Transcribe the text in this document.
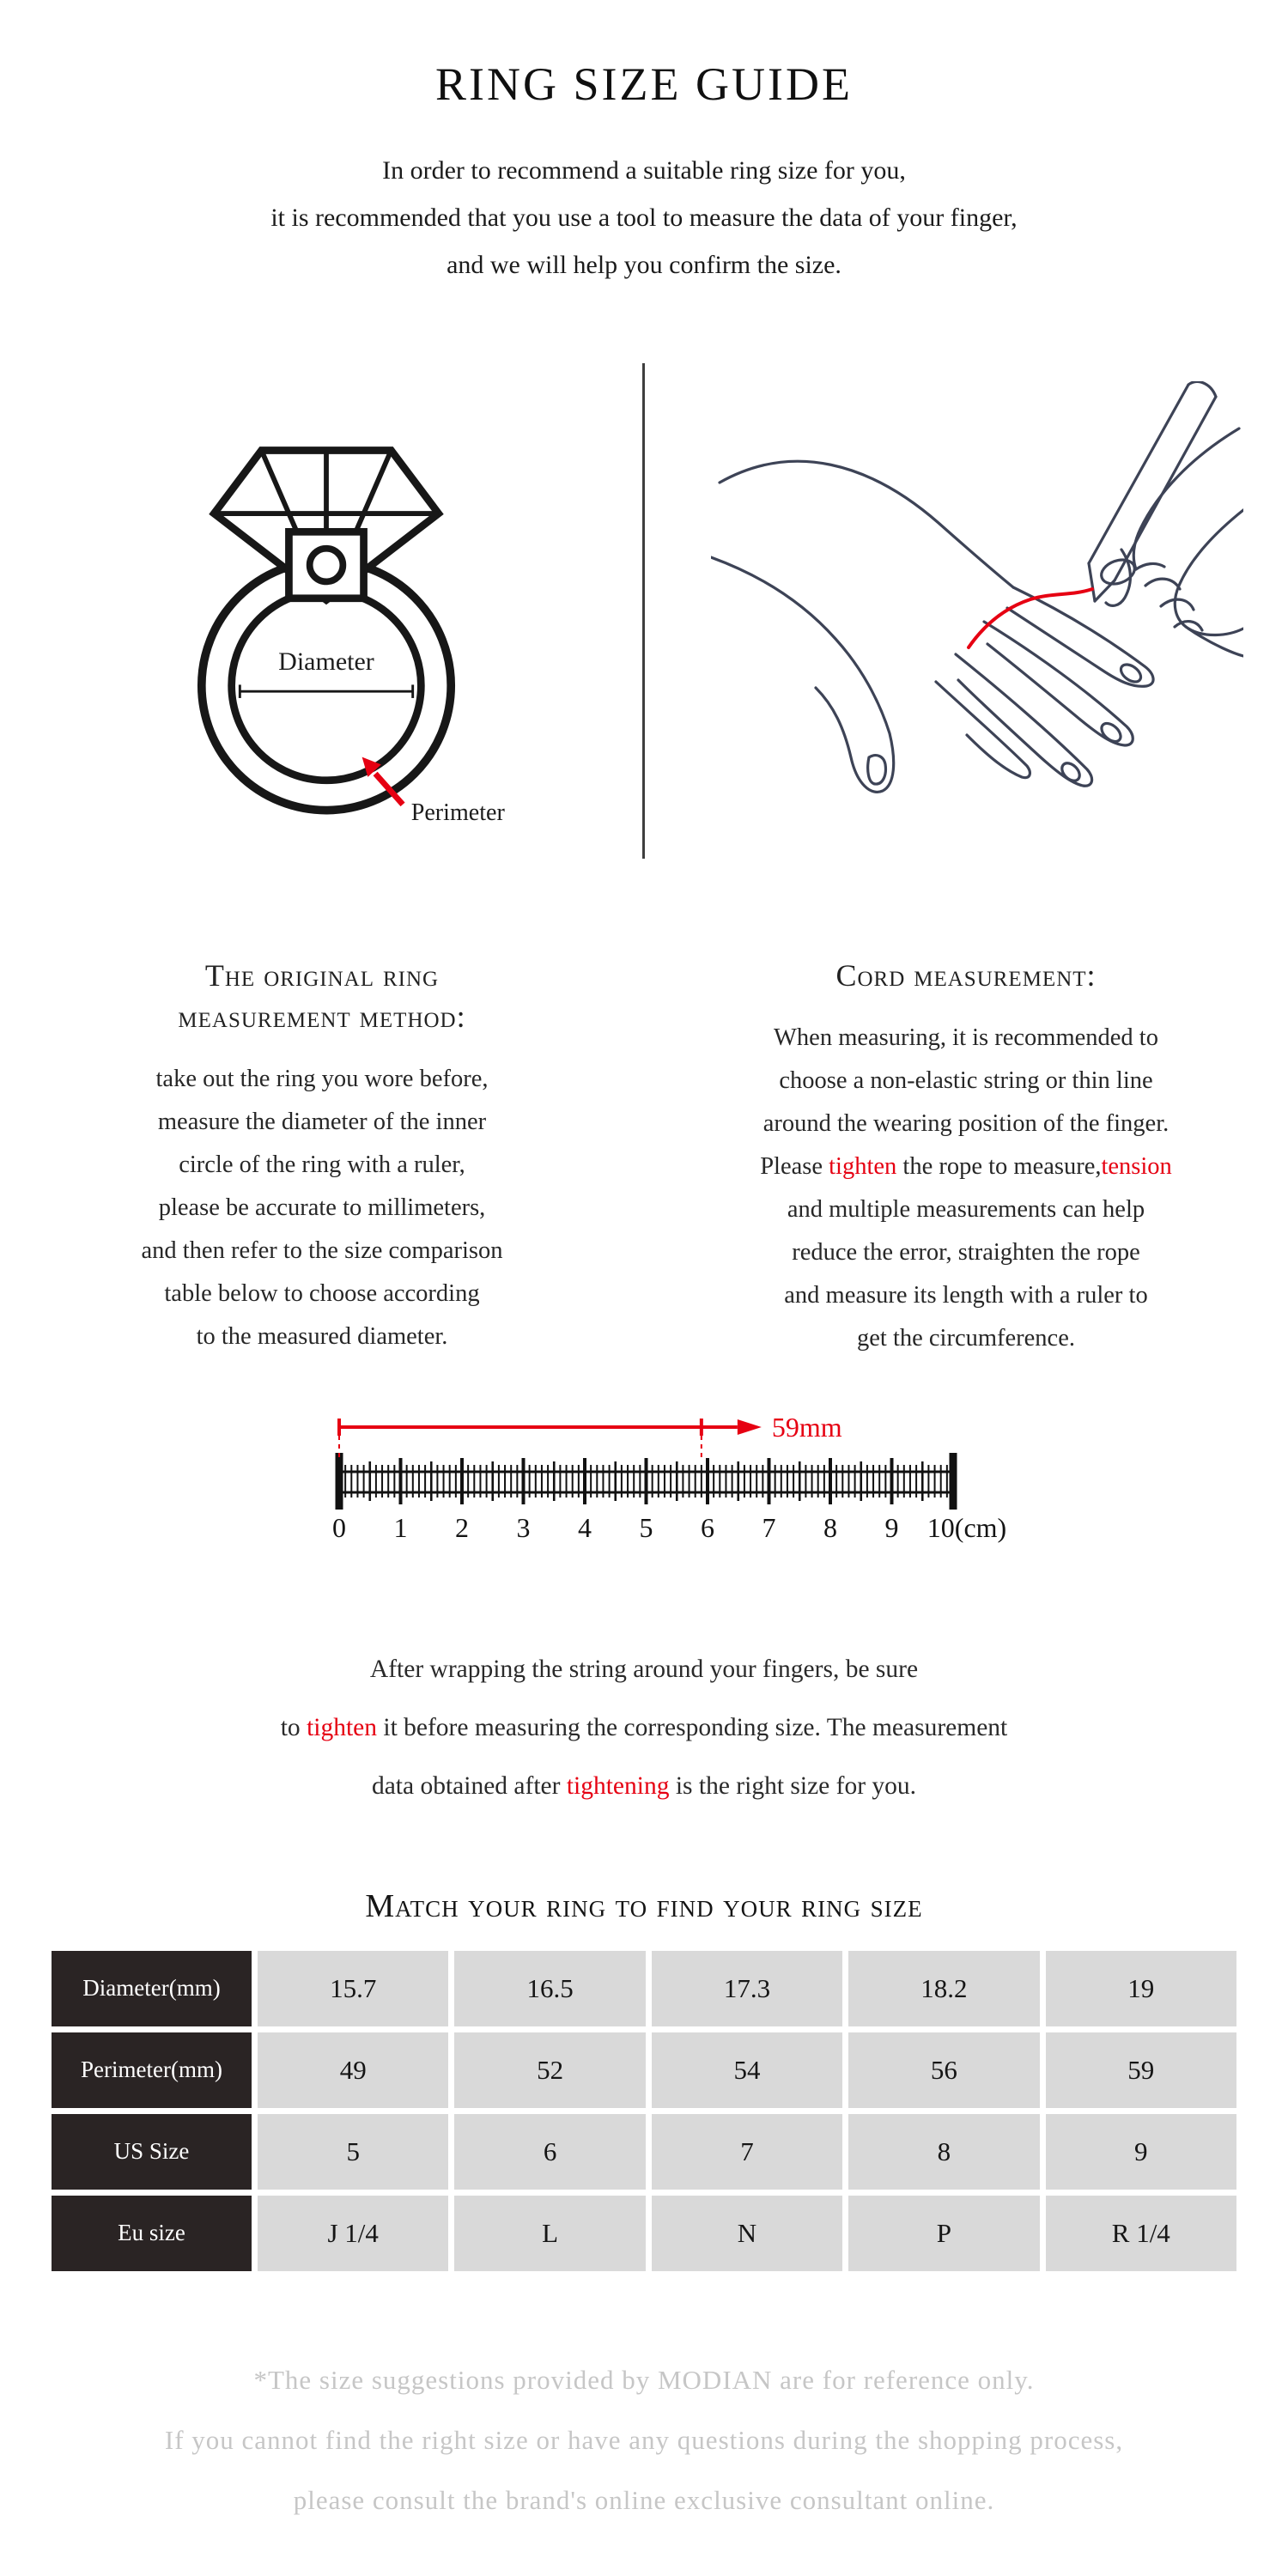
RING SIZE GUIDE
In order to recommend a suitable ring size for you,
it is recommended that you use a tool to measure the data of your finger,
and we will help you confirm the size.
Diameter
Perimeter
The original ring
measurement method:
take out the ring you wore before,
measure the diameter of the inner
circle of the ring with a ruler,
please be accurate to millimeters,
and then refer to the size comparison
table below to choose according
to the measured diameter.
Cord measurement:
When measuring, it is recommended to
choose a non-elastic string or thin line
around the wearing position of the finger.
Please tighten the rope to measure,tension
and multiple measurements can help
reduce the error, straighten the rope
and measure its length with a ruler to
get the circumference.
0 1 2 3 4 5 6 7 8 9 10(cm)
59mm
After wrapping the string around your fingers, be sure
to tighten it before measuring the corresponding size. The measurement
data obtained after tightening is the right size for you.
Match your ring to find your ring size
Diameter(mm)	15.7	16.5	17.3	18.2	19
Perimeter(mm)	49	52	54	56	59
US Size	5	6	7	8	9
Eu size	J 1/4	L	N	P	R 1/4
*The size suggestions provided by MODIAN are for reference only.
If you cannot find the right size or have any questions during the shopping process,
please consult the brand's online exclusive consultant online.
